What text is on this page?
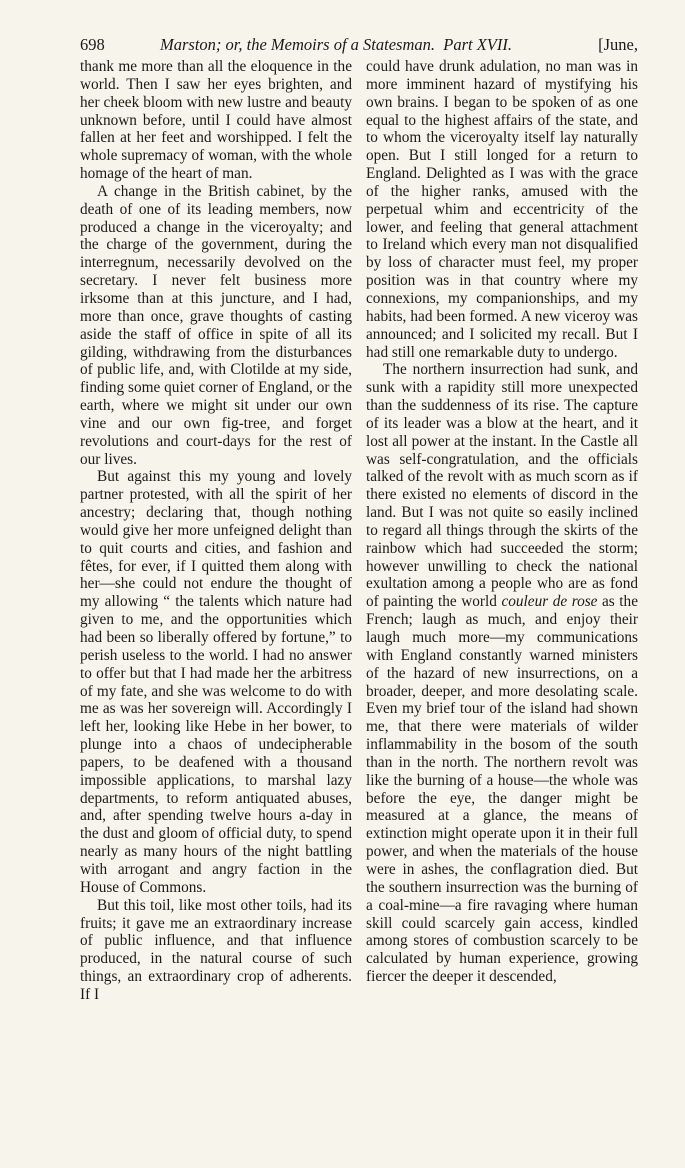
698	Marston; or, the Memoirs of a Statesman. Part XVII.	[June,

thank me more than all the eloquence in the world. Then I saw her eyes brighten, and her cheek bloom with new lustre and beauty unknown before, until I could have almost fallen at her feet and worshipped. I felt the whole supremacy of woman, with the whole homage of the heart of man.

A change in the British cabinet, by the death of one of its leading members, now produced a change in the viceroyalty; and the charge of the government, during the interregnum, necessarily devolved on the secretary. I never felt business more irksome than at this juncture, and I had, more than once, grave thoughts of casting aside the staff of office in spite of all its gilding, withdrawing from the disturbances of public life, and, with Clotilde at my side, finding some quiet corner of England, or the earth, where we might sit under our own vine and our own fig-tree, and forget revolutions and court-days for the rest of our lives.

But against this my young and lovely partner protested, with all the spirit of her ancestry; declaring that, though nothing would give her more unfeigned delight than to quit courts and cities, and fashion and fêtes, for ever, if I quitted them along with her—she could not endure the thought of my allowing “ the talents which nature had given to me, and the opportunities which had been so liberally offered by fortune,” to perish useless to the world. I had no answer to offer but that I had made her the arbitress of my fate, and she was welcome to do with me as was her sovereign will. Accordingly I left her, looking like Hebe in her bower, to plunge into a chaos of undecipherable papers, to be deafened with a thousand impossible applications, to marshal lazy departments, to reform antiquated abuses, and, after spending twelve hours a-day in the dust and gloom of official duty, to spend nearly as many hours of the night battling with arrogant and angry faction in the House of Commons.

But this toil, like most other toils, had its fruits; it gave me an extraordinary increase of public influence, and that influence produced, in the natural course of such things, an extraordinary crop of adherents. If I

could have drunk adulation, no man was in more imminent hazard of mystifying his own brains. I began to be spoken of as one equal to the highest affairs of the state, and to whom the viceroyalty itself lay naturally open. But I still longed for a return to England. Delighted as I was with the grace of the higher ranks, amused with the perpetual whim and eccentricity of the lower, and feeling that general attachment to Ireland which every man not disqualified by loss of character must feel, my proper position was in that country where my connexions, my companionships, and my habits, had been formed. A new viceroy was announced; and I solicited my recall. But I had still one remarkable duty to undergo.

The northern insurrection had sunk, and sunk with a rapidity still more unexpected than the suddenness of its rise. The capture of its leader was a blow at the heart, and it lost all power at the instant. In the Castle all was self-congratulation, and the officials talked of the revolt with as much scorn as if there existed no elements of discord in the land. But I was not quite so easily inclined to regard all things through the skirts of the rainbow which had succeeded the storm; however unwilling to check the national exultation among a people who are as fond of painting the world couleur de rose as the French; laugh as much, and enjoy their laugh much more—my communications with England constantly warned ministers of the hazard of new insurrections, on a broader, deeper, and more desolating scale. Even my brief tour of the island had shown me, that there were materials of wilder inflammability in the bosom of the south than in the north. The northern revolt was like the burning of a house—the whole was before the eye, the danger might be measured at a glance, the means of extinction might operate upon it in their full power, and when the materials of the house were in ashes, the conflagration died. But the southern insurrection was the burning of a coal-mine—a fire ravaging where human skill could scarcely gain access, kindled among stores of combustion scarcely to be calculated by human experience, growing fiercer the deeper it descended,
